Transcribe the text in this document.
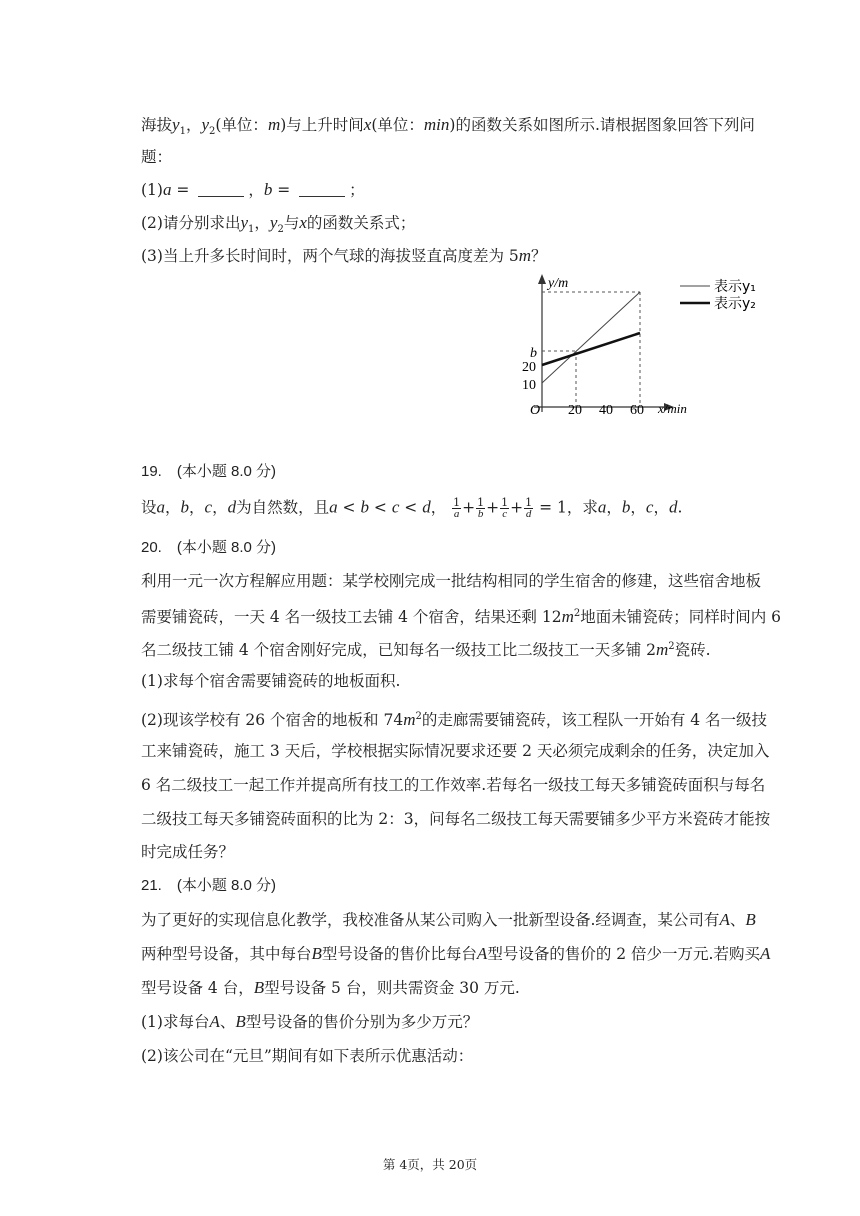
海拔$y_1$，$y_2$(单位：m)与上升时间x(单位：min)的函数关系如图所示.请根据图象回答下列问
题：
(1)a =	，b =	；
(2)请分别求出$y_1$，$y_2$与x的函数关系式；
(3)当上升多长时间时，两个气球的海拔竖直高度差为 5m？
y/m
x/min
O 20 40 60
b
20
10
表示y₁
表示y₂
19.　(本小题 8.0 分)
设a，b，c，d为自然数，且a < b < c < d， $\frac{1}{a} + \frac{1}{b} + \frac{1}{c} + \frac{1}{d} = 1$，求a，b，c，d.
20.　(本小题 8.0 分)
利用一元一次方程解应用题：某学校刚完成一批结构相同的学生宿舍的修建，这些宿舍地板
需要铺瓷砖，一天 4 名一级技工去铺 4 个宿舍，结果还剩 $12m^2$地面未铺瓷砖；同样时间内 6
名二级技工铺 4 个宿舍刚好完成，已知每名一级技工比二级技工一天多铺 $2m^2$瓷砖.
(1)求每个宿舍需要铺瓷砖的地板面积.
(2)现该学校有 26 个宿舍的地板和 $74m^2$的走廊需要铺瓷砖，该工程队一开始有 4 名一级技
工来铺瓷砖，施工 3 天后，学校根据实际情况要求还要 2 天必须完成剩余的任务，决定加入
6 名二级技工一起工作并提高所有技工的工作效率.若每名一级技工每天多铺瓷砖面积与每名
二级技工每天多铺瓷砖面积的比为 2：3，问每名二级技工每天需要铺多少平方米瓷砖才能按
时完成任务？
21.　(本小题 8.0 分)
为了更好的实现信息化教学，我校准备从某公司购入一批新型设备.经调查，某公司有A、B
两种型号设备，其中每台B型号设备的售价比每台A型号设备的售价的 2 倍少一万元.若购买A
型号设备 4 台，B型号设备 5 台，则共需资金 30 万元.
(1)求每台A、B型号设备的售价分别为多少万元？
(2)该公司在“元旦”期间有如下表所示优惠活动：
第 4页，共 20页
